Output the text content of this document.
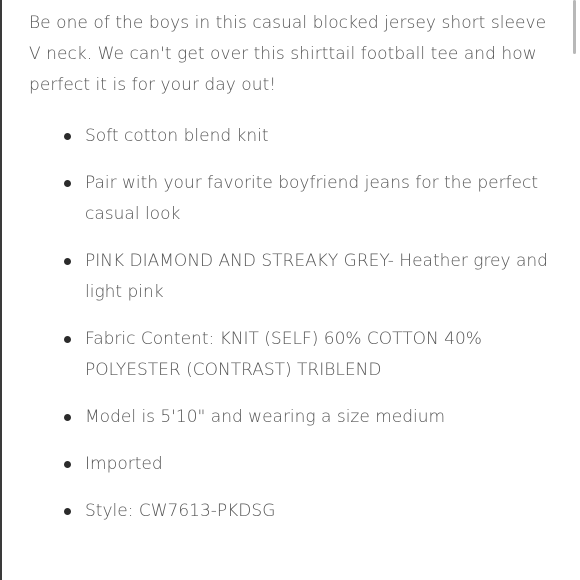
Be one of the boys in this casual blocked jersey short sleeve V neck. We can't get over this shirttail football tee and how perfect it is for your day out!

Soft cotton blend knit
Pair with your favorite boyfriend jeans for the perfect casual look
PINK DIAMOND AND STREAKY GREY- Heather grey and light pink
Fabric Content: KNIT (SELF) 60% COTTON 40% POLYESTER (CONTRAST) TRIBLEND
Model is 5'10" and wearing a size medium
Imported
Style: CW7613-PKDSG
